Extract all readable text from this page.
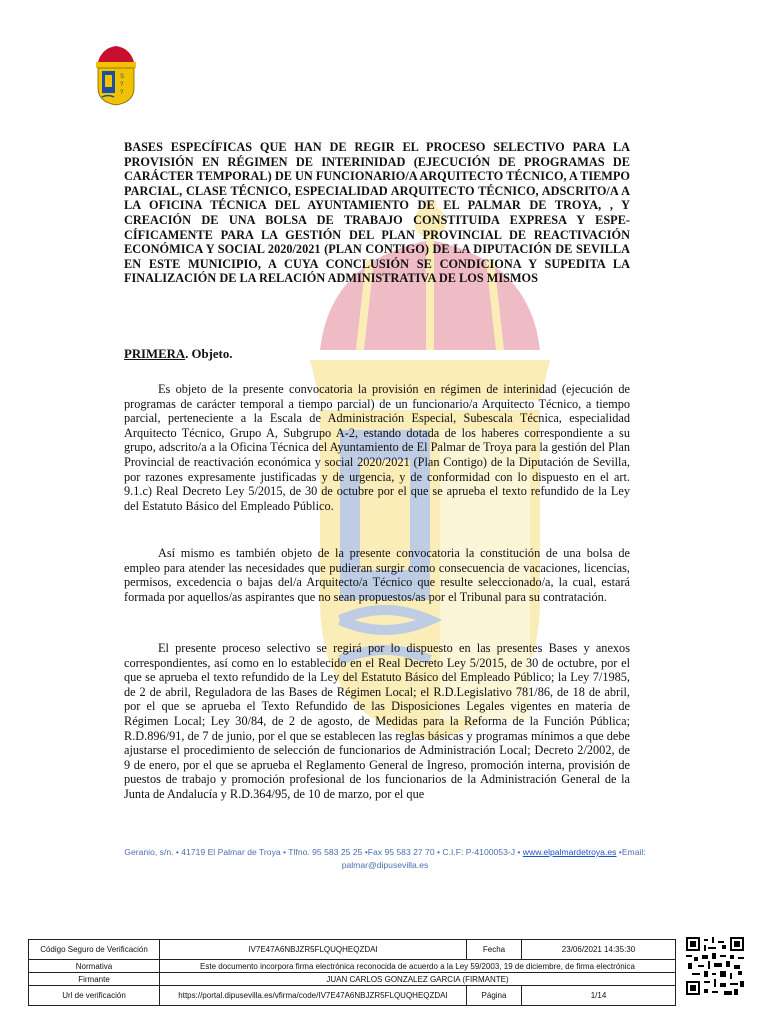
S
?
?

BASES ESPECÍFICAS QUE HAN DE REGIR EL PROCESO SELECTIVO PARA LA PROVISIÓN EN RÉGIMEN DE INTERINIDAD (EJECUCIÓN DE PROGRAMAS DE CARÁCTER TEMPORAL) DE UN FUNCIONARIO/A ARQUITECTO TÉCNICO, A TIEMPO PARCIAL, CLASE TÉCNICO, ESPECIALIDAD ARQUITECTO TÉCNICO, ADSCRITO/A A LA OFICINA TÉCNICA DEL AYUNTAMIENTO DE EL PALMAR DE TROYA, , Y CREACIÓN DE UNA BOLSA DE TRABAJO CONSTITUIDA EXPRESA Y ESPE-CÍFICAMENTE PARA LA GESTIÓN DEL PLAN PROVINCIAL DE REACTIVACIÓN ECONÓMICA Y SOCIAL 2020/2021 (PLAN CONTIGO) DE LA DIPUTACIÓN DE SEVILLA EN ESTE MUNICIPIO, A CUYA CONCLUSIÓN SE CONDICIONA Y SUPEDITA LA FINALIZACIÓN DE LA RELACIÓN ADMINISTRATIVA DE LOS MISMOS

PRIMERA. Objeto.

Es objeto de la presente convocatoria la provisión en régimen de interinidad (ejecución de programas de carácter temporal a tiempo parcial) de un funcionario/a Arquitecto Técnico, a tiempo parcial, perteneciente a la Escala de Administración Especial, Subescala Técnica, especialidad Arquitecto Técnico, Grupo A, Subgrupo A-2, estando dotada de los haberes correspondiente a su grupo, adscrito/a a la Oficina Técnica del Ayuntamiento de El Palmar de Troya para la gestión del Plan Provincial de reactivación económica y social 2020/2021 (Plan Contigo) de la Diputación de Sevilla, por razones expresamente justificadas y de urgencia, y de conformidad con lo dispuesto en el art. 9.1.c) Real Decreto Ley 5/2015, de 30 de octubre por el que se aprueba el texto refundido de la Ley del Estatuto Básico del Empleado Público.

Así mismo es también objeto de la presente convocatoria la constitución de una bolsa de empleo para atender las necesidades que pudieran surgir como consecuencia de vacaciones, licencias, permisos, excedencia o bajas del/a Arquitecto/a Técnico que resulte seleccionado/a, la cual, estará formada por aquellos/as aspirantes que no sean propuestos/as por el Tribunal para su contratación.

El presente proceso selectivo se regirá por lo dispuesto en las presentes Bases y anexos correspondientes, así como en lo establecido en el Real Decreto Ley 5/2015, de 30 de octubre, por el que se aprueba el texto refundido de la Ley del Estatuto Básico del Empleado Público; la Ley 7/1985, de 2 de abril, Reguladora de las Bases de Régimen Local; el R.D.Legislativo 781/86, de 18 de abril, por el que se aprueba el Texto Refundido de las Disposiciones Legales vigentes en materia de Régimen Local; Ley 30/84, de 2 de agosto, de Medidas para la Reforma de la Función Pública; R.D.896/91, de 7 de junio, por el que se establecen las reglas básicas y programas mínimos a que debe ajustarse el procedimiento de selección de funcionarios de Administración Local; Decreto 2/2002, de 9 de enero, por el que se aprueba el Reglamento General de Ingreso, promoción interna, provisión de puestos de trabajo y promoción profesional de los funcionarios de la Administración General de la Junta de Andalucía y R.D.364/95, de 10 de marzo, por el que

Geranio, s/n. • 41719 El Palmar de Troya • Tlfno. 95 583 25 25 •Fax 95 583 27 70 • C.I.F: P-4100053-J • www.elpalmardetroya.es •Email:
palmar@dipusevilla.es
Código Seguro de Verificación	IV7E47A6NBJZR5FLQUQHEQZDAI	Fecha	23/06/2021 14:35:30
Normativa	Este documento incorpora firma electrónica reconocida de acuerdo a la Ley 59/2003, 19 de diciembre, de firma electrónica		
Firmante	JUAN CARLOS GONZALEZ GARCIA (FIRMANTE)		
Url de verificación	https://portal.dipusevilla.es/vfirma/code/IV7E47A6NBJZR5FLQUQHEQZDAI	Página	1/14
